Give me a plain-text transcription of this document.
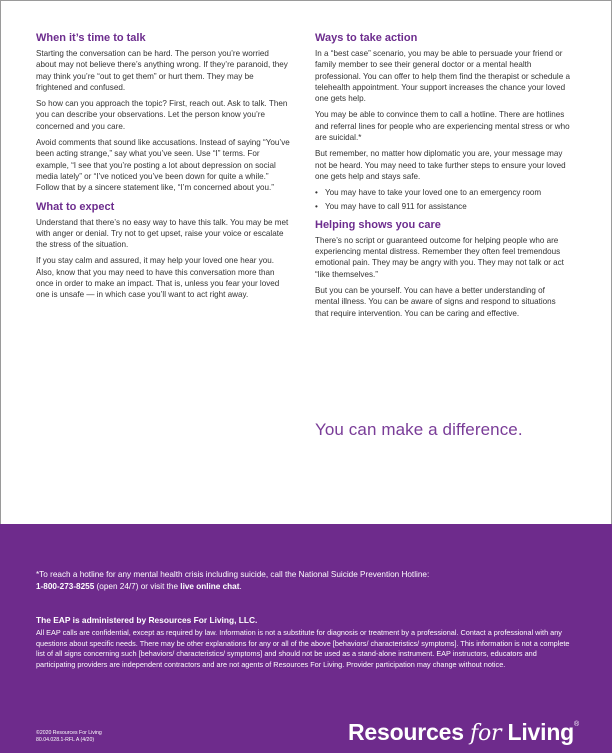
When it’s time to talk

Starting the conversation can be hard. The person you’re worried about may not believe there’s anything wrong. If they’re paranoid, they may think you’re “out to get them” or hurt them. They may be frightened and confused.

So how can you approach the topic? First, reach out. Ask to talk. Then you can describe your observations. Let the person know you’re concerned and you care.

Avoid comments that sound like accusations. Instead of saying “You’ve been acting strange,” say what you’ve seen. Use “I” terms. For example, “I see that you’re posting a lot about depression on social media lately” or “I’ve noticed you’ve been down for quite a while.” Follow that by a sincere statement like, “I’m concerned about you.”

What to expect

Understand that there’s no easy way to have this talk. You may be met with anger or denial. Try not to get upset, raise your voice or escalate the stress of the situation.

If you stay calm and assured, it may help your loved one hear you. Also, know that you may need to have this conversation more than once in order to make an impact. That is, unless you fear your loved one is unsafe — in which case you’ll want to act right away.

Ways to take action

In a “best case” scenario, you may be able to persuade your friend or family member to see their general doctor or a mental health professional. You can offer to help them find the therapist or schedule a telehealth appointment. Your support increases the chance your loved one gets help.

You may be able to convince them to call a hotline. There are hotlines and referral lines for people who are experiencing mental stress or who are suicidal.*

But remember, no matter how diplomatic you are, your message may not be heard. You may need to take further steps to ensure your loved one gets help and stays safe.

• You may have to take your loved one to an emergency room
• You may have to call 911 for assistance
Helping shows you care

There’s no script or guaranteed outcome for helping people who are experiencing mental distress. Remember they often feel tremendous emotional pain. They may be angry with you. They may not talk or act “like themselves.”

But you can be yourself. You can have a better understanding of mental illness. You can be aware of signs and respond to situations that require intervention. You can be caring and effective.

You can make a difference.
*To reach a hotline for any mental health crisis including suicide, call the National Suicide Prevention Hotline:
1-800-273-8255 (open 24/7) or visit the live online chat.
The EAP is administered by Resources For Living, LLC.
All EAP calls are confidential, except as required by law. Information is not a substitute for diagnosis or treatment by a professional. Contact a professional with any questions about specific needs. There may be other explanations for any or all of the above [behaviors/ characteristics/ symptoms]. This information is not a complete list of all signs concerning such [behaviors/ characteristics/ symptoms] and should not be used as a stand-alone instrument. EAP instructors, educators and participating providers are independent contractors and are not agents of Resources For Living. Provider participation may change without notice.
©2020 Resources For Living
80.04.028.1-RFL A (4/20)	Resources for Living®
